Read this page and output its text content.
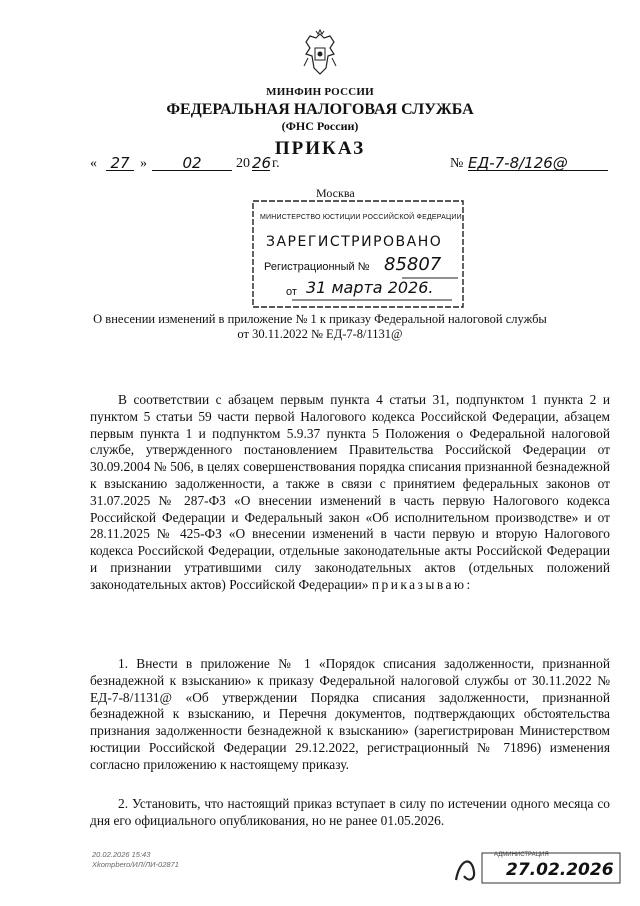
МИНФИН РОССИИ
ФЕДЕРАЛЬНАЯ НАЛОГОВАЯ СЛУЖБА
(ФНС России)
ПРИКАЗ
« 27 »	02	20 26 г.	№ ЕД-7-8/126@
Москва
МИНИСТЕРСТВО ЮСТИЦИИ РОССИЙСКОЙ ФЕДЕРАЦИИ
ЗАРЕГИСТРИРОВАНО
Регистрационный № 85807
от 31 марта 2026.
О внесении изменений в приложение № 1 к приказу Федеральной налоговой службы
от 30.11.2022 № ЕД-7-8/1131@
В соответствии с абзацем первым пункта 4 статьи 31, подпунктом 1 пункта 2 и пунктом 5 статьи 59 части первой Налогового кодекса Российской Федерации, абзацем первым пункта 1 и подпунктом 5.9.37 пункта 5 Положения о Федеральной налоговой службе, утвержденного постановлением Правительства Российской Федерации от 30.09.2004 № 506, в целях совершенствования порядка списания признанной безнадежной к взысканию задолженности, а также в связи с принятием федеральных законов от 31.07.2025 № 287-ФЗ «О внесении изменений в часть первую Налогового кодекса Российской Федерации и Федеральный закон «Об исполнительном производстве» и от 28.11.2025 № 425-ФЗ «О внесении изменений в части первую и вторую Налогового кодекса Российской Федерации, отдельные законодательные акты Российской Федерации и признании утратившими силу законодательных актов (отдельных положений законодательных актов) Российской Федерации» приказываю:
1. Внести в приложение № 1 «Порядок списания задолженности, признанной безнадежной к взысканию» к приказу Федеральной налоговой службы от 30.11.2022 № ЕД-7-8/1131@ «Об утверждении Порядка списания задолженности, признанной безнадежной к взысканию, и Перечня документов, подтверждающих обстоятельства признания задолженности безнадежной к взысканию» (зарегистрирован Министерством юстиции Российской Федерации 29.12.2022, регистрационный № 71896) изменения согласно приложению к настоящему приказу.
2. Установить, что настоящий приказ вступает в силу по истечении одного месяца со дня его официального опубликования, но не ранее 01.05.2026.
20.02.2026 15:43
Xkompbero/ИЛ/ЛИ-02871
АДМИНИСТРАЦИЯ
27.02.2026
